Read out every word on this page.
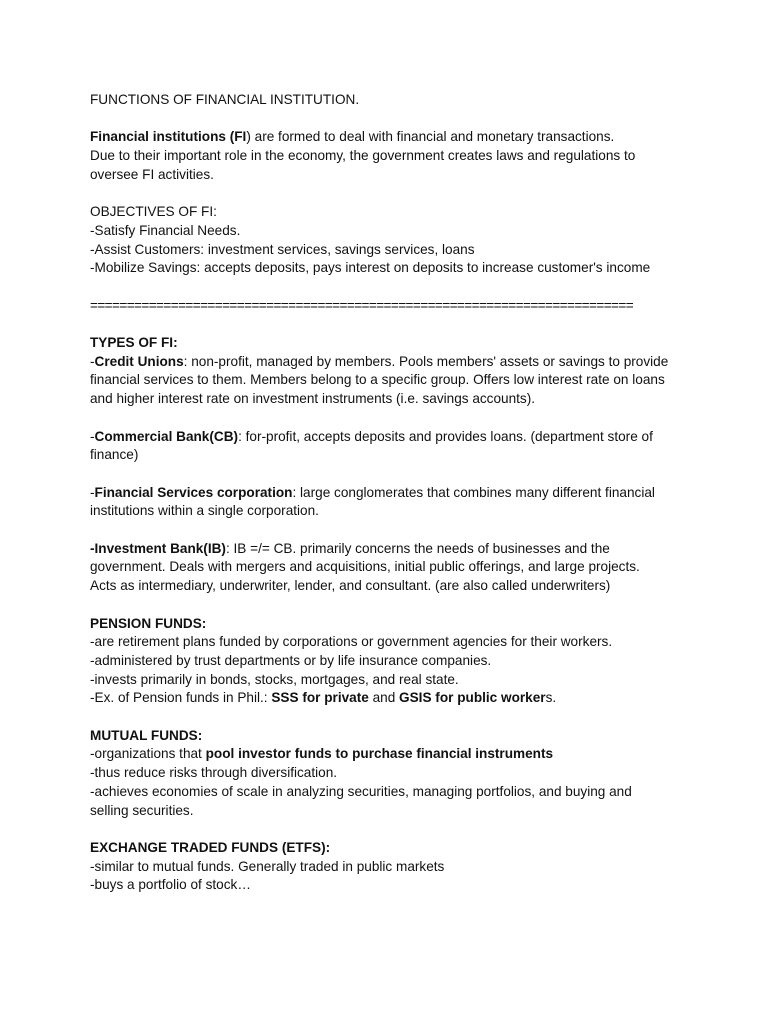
FUNCTIONS OF FINANCIAL INSTITUTION.
Financial institutions (FI) are formed to deal with financial and monetary transactions.
Due to their important role in the economy, the government creates laws and regulations to
oversee FI activities.
OBJECTIVES OF FI:
-Satisfy Financial Needs.
-Assist Customers: investment services, savings services, loans
-Mobilize Savings: accepts deposits, pays interest on deposits to increase customer's income
==========================================================================
TYPES OF FI:
-Credit Unions: non-profit, managed by members. Pools members' assets or savings to provide
financial services to them. Members belong to a specific group. Offers low interest rate on loans
and higher interest rate on investment instruments (i.e. savings accounts).
-Commercial Bank(CB): for-profit, accepts deposits and provides loans. (department store of
finance)
-Financial Services corporation: large conglomerates that combines many different financial
institutions within a single corporation.
-Investment Bank(IB): IB =/= CB. primarily concerns the needs of businesses and the
government. Deals with mergers and acquisitions, initial public offerings, and large projects.
Acts as intermediary, underwriter, lender, and consultant. (are also called underwriters)
PENSION FUNDS:
-are retirement plans funded by corporations or government agencies for their workers.
-administered by trust departments or by life insurance companies.
-invests primarily in bonds, stocks, mortgages, and real state.
-Ex. of Pension funds in Phil.: SSS for private and GSIS for public workers.
MUTUAL FUNDS:
-organizations that pool investor funds to purchase financial instruments
-thus reduce risks through diversification.
-achieves economies of scale in analyzing securities, managing portfolios, and buying and
selling securities.
EXCHANGE TRADED FUNDS (ETFS):
-similar to mutual funds. Generally traded in public markets
-buys a portfolio of stock…
